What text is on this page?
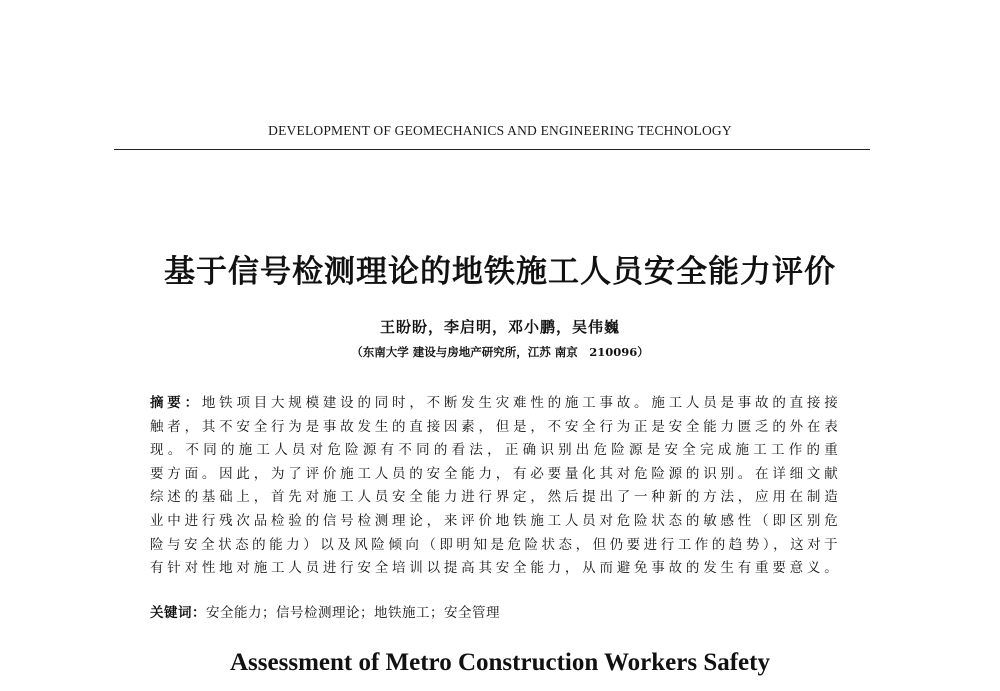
DEVELOPMENT OF GEOMECHANICS AND ENGINEERING TECHNOLOGY
基于信号检测理论的地铁施工人员安全能力评价
王盼盼，李启明，邓小鹏，吴伟巍
（东南大学 建设与房地产研究所，江苏 南京　210096）
摘要：地铁项目大规模建设的同时，不断发生灾难性的施工事故。施工人员是事故的直接接
触者，其不安全行为是事故发生的直接因素，但是，不安全行为正是安全能力匮乏的外在表
现。不同的施工人员对危险源有不同的看法，正确识别出危险源是安全完成施工工作的重
要方面。因此，为了评价施工人员的安全能力，有必要量化其对危险源的识别。在详细文献
综述的基础上，首先对施工人员安全能力进行界定，然后提出了一种新的方法，应用在制造
业中进行残次品检验的信号检测理论，来评价地铁施工人员对危险状态的敏感性（即区别危
险与安全状态的能力）以及风险倾向（即明知是危险状态，但仍要进行工作的趋势），这对于
有针对性地对施工人员进行安全培训以提高其安全能力，从而避免事故的发生有重要意义。
关键词：安全能力；信号检测理论；地铁施工；安全管理
Assessment of Metro Construction Workers Safety
